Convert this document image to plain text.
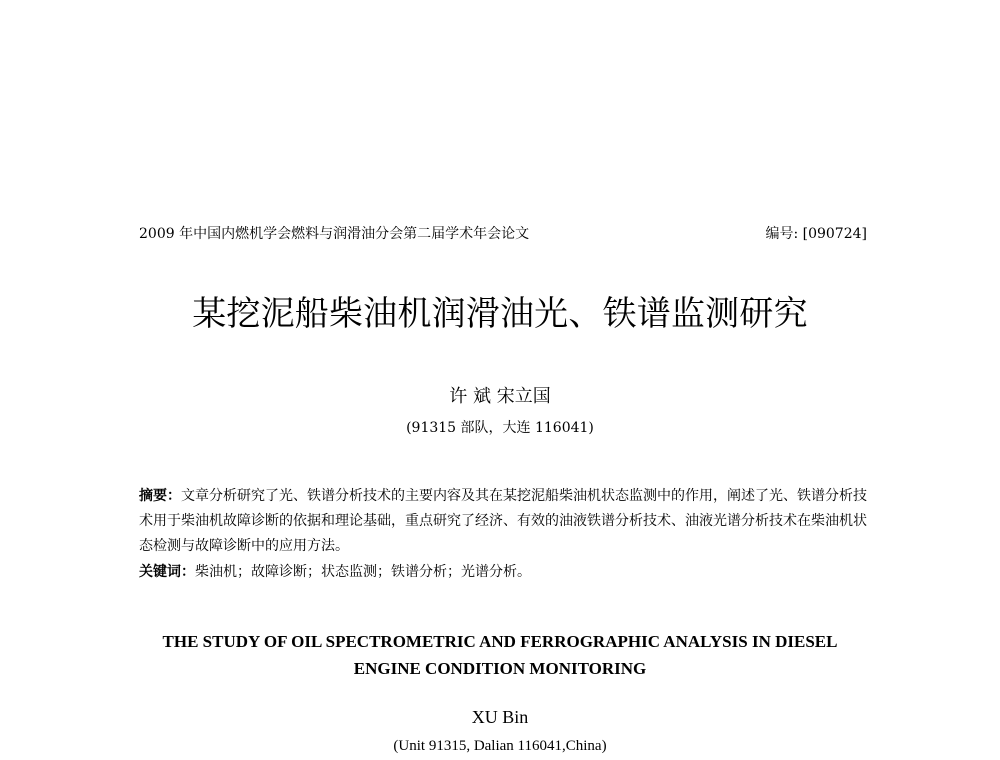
2009 年中国内燃机学会燃料与润滑油分会第二届学术年会论文	编号: [090724]
某挖泥船柴油机润滑油光、铁谱监测研究
许 斌 宋立国
(91315 部队，大连 116041)
摘要：文章分析研究了光、铁谱分析技术的主要内容及其在某挖泥船柴油机状态监测中的作用，阐述了光、铁谱分析技术用于柴油机故障诊断的依据和理论基础，重点研究了经济、有效的油液铁谱分析技术、油液光谱分析技术在柴油机状态检测与故障诊断中的应用方法。
关键词：柴油机；故障诊断；状态监测；铁谱分析；光谱分析。
THE STUDY OF OIL SPECTROMETRIC AND FERROGRAPHIC ANALYSIS IN DIESEL
ENGINE CONDITION MONITORING
XU Bin
(Unit 91315, Dalian 116041,China)
